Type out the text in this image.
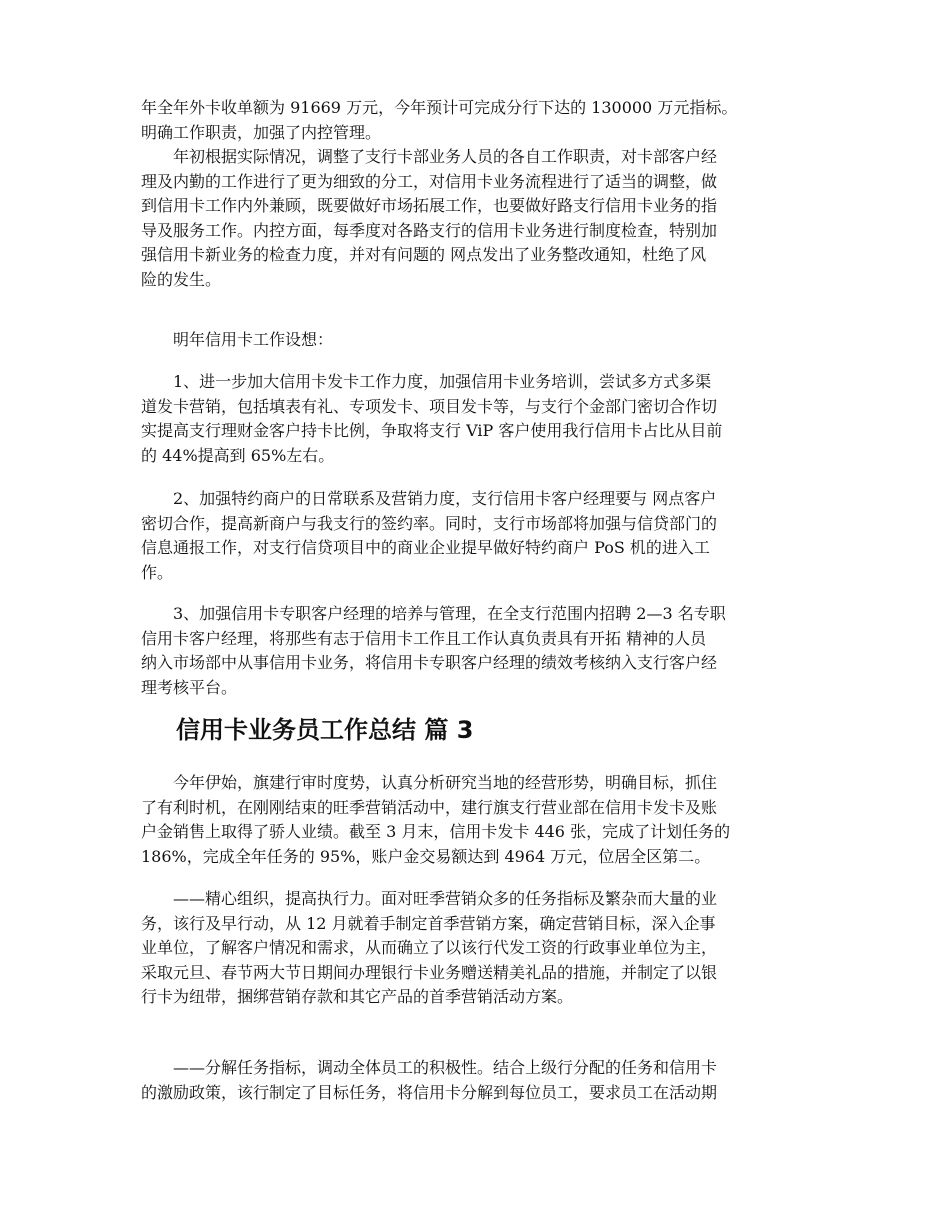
年全年外卡收单额为 91669 万元，今年预计可完成分行下达的 130000 万元指标。
明确工作职责，加强了内控管理。

年初根据实际情况，调整了支行卡部业务人员的各自工作职责，对卡部客户经
理及内勤的工作进行了更为细致的分工，对信用卡业务流程进行了适当的调整，做
到信用卡工作内外兼顾，既要做好市场拓展工作，也要做好路支行信用卡业务的指
导及服务工作。内控方面，每季度对各路支行的信用卡业务进行制度检查，特别加
强信用卡新业务的检查力度，并对有问题的 网点发出了业务整改通知，杜绝了风
险的发生。

明年信用卡工作设想：

1、进一步加大信用卡发卡工作力度，加强信用卡业务培训，尝试多方式多渠
道发卡营销，包括填表有礼、专项发卡、项目发卡等，与支行个金部门密切合作切
实提高支行理财金客户持卡比例，争取将支行 ViP 客户使用我行信用卡占比从目前
的 44%提高到 65%左右。

2、加强特约商户的日常联系及营销力度，支行信用卡客户经理要与 网点客户
密切合作，提高新商户与我支行的签约率。同时，支行市场部将加强与信贷部门的
信息通报工作，对支行信贷项目中的商业企业提早做好特约商户 PoS 机的进入工
作。

3、加强信用卡专职客户经理的培养与管理，在全支行范围内招聘 2—3 名专职
信用卡客户经理，将那些有志于信用卡工作且工作认真负责具有开拓 精神的人员
纳入市场部中从事信用卡业务，将信用卡专职客户经理的绩效考核纳入支行客户经
理考核平台。

信用卡业务员工作总结 篇 3

今年伊始，旗建行审时度势，认真分析研究当地的经营形势，明确目标，抓住
了有利时机，在刚刚结束的旺季营销活动中，建行旗支行营业部在信用卡发卡及账
户金销售上取得了骄人业绩。截至 3 月末，信用卡发卡 446 张，完成了计划任务的
186%，完成全年任务的 95%，账户金交易额达到 4964 万元，位居全区第二。

——精心组织，提高执行力。面对旺季营销众多的任务指标及繁杂而大量的业
务，该行及早行动，从 12 月就着手制定首季营销方案，确定营销目标，深入企事
业单位，了解客户情况和需求，从而确立了以该行代发工资的行政事业单位为主，
采取元旦、春节两大节日期间办理银行卡业务赠送精美礼品的措施，并制定了以银
行卡为纽带，捆绑营销存款和其它产品的首季营销活动方案。

——分解任务指标，调动全体员工的积极性。结合上级行分配的任务和信用卡
的激励政策，该行制定了目标任务，将信用卡分解到每位员工，要求员工在活动期
